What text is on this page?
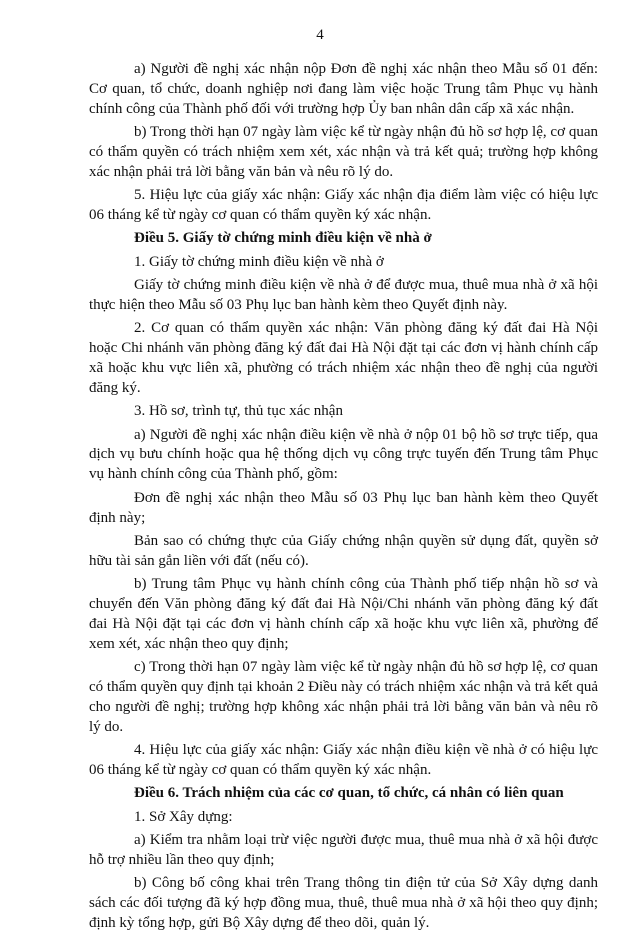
4

a) Người đề nghị xác nhận nộp Đơn đề nghị xác nhận theo Mẫu số 01 đến: Cơ quan, tổ chức, doanh nghiệp nơi đang làm việc hoặc Trung tâm Phục vụ hành chính công của Thành phố đối với trường hợp Ủy ban nhân dân cấp xã xác nhận.

b) Trong thời hạn 07 ngày làm việc kể từ ngày nhận đủ hồ sơ hợp lệ, cơ quan có thẩm quyền có trách nhiệm xem xét, xác nhận và trả kết quả; trường hợp không xác nhận phải trả lời bằng văn bản và nêu rõ lý do.

5. Hiệu lực của giấy xác nhận: Giấy xác nhận địa điểm làm việc có hiệu lực 06 tháng kể từ ngày cơ quan có thẩm quyền ký xác nhận.

Điều 5. Giấy tờ chứng minh điều kiện về nhà ở

1. Giấy tờ chứng minh điều kiện về nhà ở

Giấy tờ chứng minh điều kiện về nhà ở để được mua, thuê mua nhà ở xã hội thực hiện theo Mẫu số 03 Phụ lục ban hành kèm theo Quyết định này.

2. Cơ quan có thẩm quyền xác nhận: Văn phòng đăng ký đất đai Hà Nội hoặc Chi nhánh văn phòng đăng ký đất đai Hà Nội đặt tại các đơn vị hành chính cấp xã hoặc khu vực liên xã, phường có trách nhiệm xác nhận theo đề nghị của người đăng ký.

3. Hồ sơ, trình tự, thủ tục xác nhận

a) Người đề nghị xác nhận điều kiện về nhà ở nộp 01 bộ hồ sơ trực tiếp, qua dịch vụ bưu chính hoặc qua hệ thống dịch vụ công trực tuyến đến Trung tâm Phục vụ hành chính công của Thành phố, gồm:

Đơn đề nghị xác nhận theo Mẫu số 03 Phụ lục ban hành kèm theo Quyết định này;

Bản sao có chứng thực của Giấy chứng nhận quyền sử dụng đất, quyền sở hữu tài sản gắn liền với đất (nếu có).

b) Trung tâm Phục vụ hành chính công của Thành phố tiếp nhận hồ sơ và chuyển đến Văn phòng đăng ký đất đai Hà Nội/Chi nhánh văn phòng đăng ký đất đai Hà Nội đặt tại các đơn vị hành chính cấp xã hoặc khu vực liên xã, phường để xem xét, xác nhận theo quy định;

c) Trong thời hạn 07 ngày làm việc kể từ ngày nhận đủ hồ sơ hợp lệ, cơ quan có thẩm quyền quy định tại khoản 2 Điều này có trách nhiệm xác nhận và trả kết quả cho người đề nghị; trường hợp không xác nhận phải trả lời bằng văn bản và nêu rõ lý do.

4. Hiệu lực của giấy xác nhận: Giấy xác nhận điều kiện về nhà ở có hiệu lực 06 tháng kể từ ngày cơ quan có thẩm quyền ký xác nhận.

Điều 6. Trách nhiệm của các cơ quan, tổ chức, cá nhân có liên quan

1. Sở Xây dựng:

a) Kiểm tra nhằm loại trừ việc người được mua, thuê mua nhà ở xã hội được hỗ trợ nhiều lần theo quy định;

b) Công bố công khai trên Trang thông tin điện tử của Sở Xây dựng danh sách các đối tượng đã ký hợp đồng mua, thuê, thuê mua nhà ở xã hội theo quy định; định kỳ tổng hợp, gửi Bộ Xây dựng để theo dõi, quản lý.
